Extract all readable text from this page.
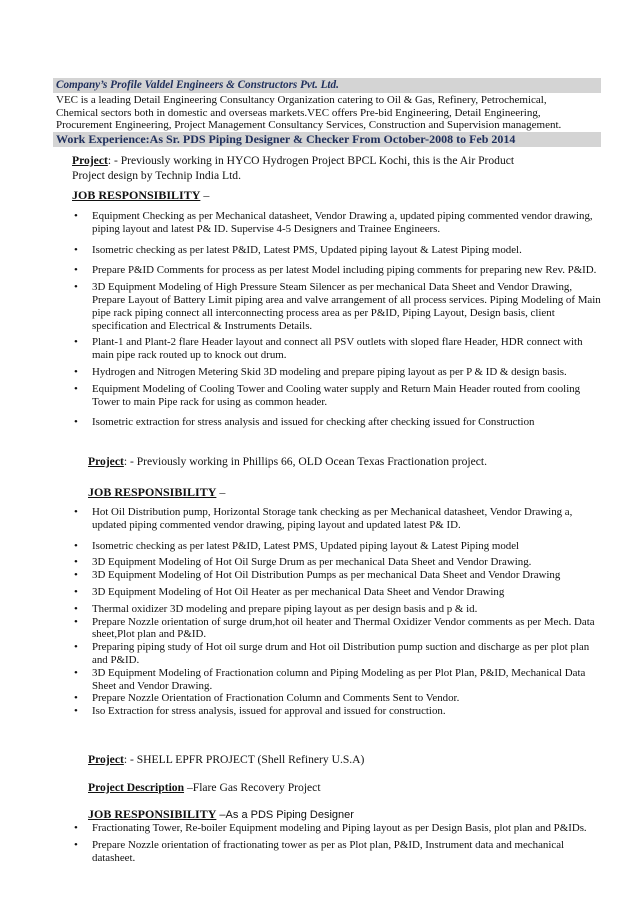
Company’s Profile Valdel Engineers & Constructors Pvt. Ltd.
VEC is a leading Detail Engineering Consultancy Organization catering to Oil & Gas, Refinery, Petrochemical,
Chemical sectors both in domestic and overseas markets.VEC offers Pre-bid Engineering, Detail Engineering,
Procurement Engineering, Project Management Consultancy Services, Construction and Supervision management.
Work Experience:As Sr. PDS Piping Designer & Checker From October-2008 to Feb 2014
Project: - Previously working in HYCO Hydrogen Project BPCL Kochi, this is the Air Product
Project design by Technip India Ltd.
JOB RESPONSIBILITY –
• Equipment Checking as per Mechanical datasheet, Vendor Drawing a, updated piping commented vendor drawing, piping layout and latest P& ID. Supervise 4-5 Designers and Trainee Engineers.
• Isometric checking as per latest P&ID, Latest PMS, Updated piping layout & Latest Piping model.
• Prepare P&ID Comments for process as per latest Model including piping comments for preparing new Rev. P&ID.
• 3D Equipment Modeling of High Pressure Steam Silencer as per mechanical Data Sheet and Vendor Drawing, Prepare Layout of Battery Limit piping area and valve arrangement of all process services. Piping Modeling of Main pipe rack piping connect all interconnecting process area as per P&ID, Piping Layout, Design basis, client specification and Electrical & Instruments Details.
• Plant-1 and Plant-2 flare Header layout and connect all PSV outlets with sloped flare Header, HDR connect with main pipe rack routed up to knock out drum.
• Hydrogen and Nitrogen Metering Skid 3D modeling and prepare piping layout as per P & ID & design basis.
• Equipment Modeling of Cooling Tower and Cooling water supply and Return Main Header routed from cooling Tower to main Pipe rack for using as common header.
• Isometric extraction for stress analysis and issued for checking after checking issued for Construction
Project: - Previously working in Phillips 66, OLD Ocean Texas Fractionation project.
JOB RESPONSIBILITY –
• Hot Oil Distribution pump, Horizontal Storage tank checking as per Mechanical datasheet, Vendor Drawing a, updated piping commented vendor drawing, piping layout and updated latest P& ID.
• Isometric checking as per latest P&ID, Latest PMS, Updated piping layout & Latest Piping model
• 3D Equipment Modeling of Hot Oil Surge Drum as per mechanical Data Sheet and Vendor Drawing.
• 3D Equipment Modeling of Hot Oil Distribution Pumps as per mechanical Data Sheet and Vendor Drawing
• 3D Equipment Modeling of Hot Oil Heater as per mechanical Data Sheet and Vendor Drawing
• Thermal oxidizer 3D modeling and prepare piping layout as per design basis and p & id.
• Prepare Nozzle orientation of surge drum,hot oil heater and Thermal Oxidizer Vendor comments as per Mech. Data sheet,Plot plan and P&ID.
• Preparing piping study of Hot oil surge drum and Hot oil Distribution pump suction and discharge as per plot plan and P&ID.
• 3D Equipment Modeling of Fractionation column and Piping Modeling as per Plot Plan, P&ID, Mechanical Data Sheet and Vendor Drawing.
• Prepare Nozzle Orientation of Fractionation Column and Comments Sent to Vendor.
• Iso Extraction for stress analysis, issued for approval and issued for construction.
Project: - SHELL EPFR PROJECT (Shell Refinery U.S.A)
Project Description –Flare Gas Recovery Project
JOB RESPONSIBILITY –As a PDS Piping Designer
• Fractionating Tower, Re-boiler Equipment modeling and Piping layout as per Design Basis, plot plan and P&IDs.
• Prepare Nozzle orientation of fractionating tower as per as Plot plan, P&ID, Instrument data and mechanical datasheet.
